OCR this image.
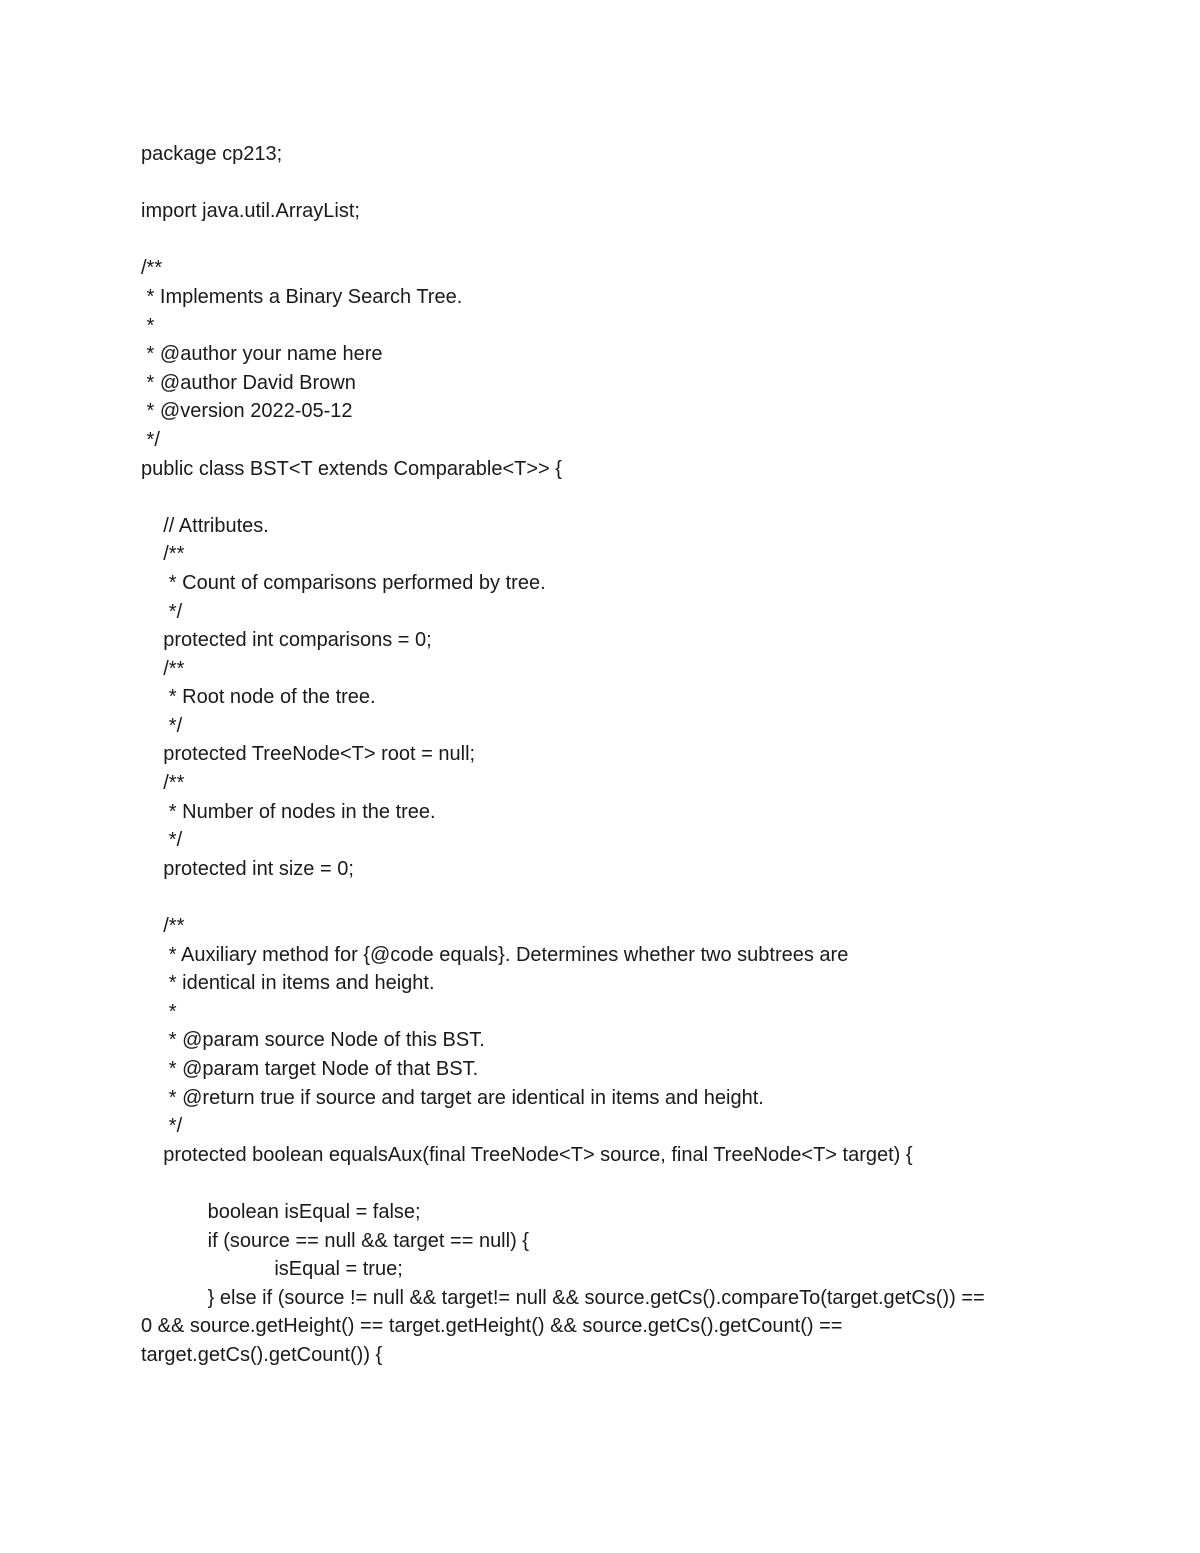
package cp213;
import java.util.ArrayList;
/**
* Implements a Binary Search Tree.
*
* @author your name here
* @author David Brown
* @version 2022-05-12
*/
public class BST<T extends Comparable<T>> {
// Attributes.
/**
* Count of comparisons performed by tree.
*/
protected int comparisons = 0;
/**
* Root node of the tree.
*/
protected TreeNode<T> root = null;
/**
* Number of nodes in the tree.
*/
protected int size = 0;
/**
* Auxiliary method for {@code equals}. Determines whether two subtrees are
* identical in items and height.
*
* @param source Node of this BST.
* @param target Node of that BST.
* @return true if source and target are identical in items and height.
*/
protected boolean equalsAux(final TreeNode<T> source, final TreeNode<T> target) {
boolean isEqual = false;
if (source == null && target == null) {
isEqual = true;
} else if (source != null && target!= null && source.getCs().compareTo(target.getCs()) ==
0 && source.getHeight() == target.getHeight() && source.getCs().getCount() ==
target.getCs().getCount()) {
